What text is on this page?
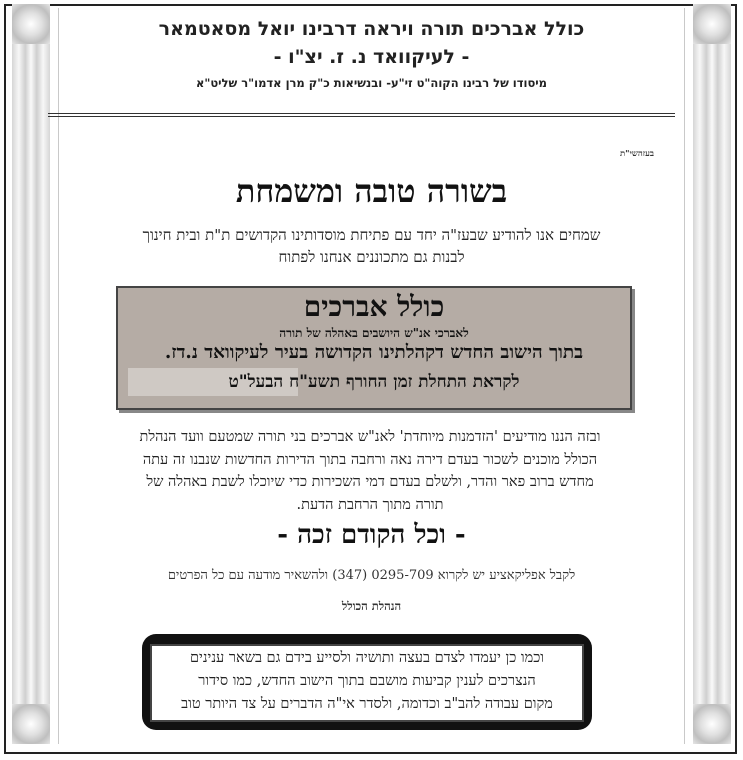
כולל אברכים תורה ויראה דרבינו יואל מסאטמאר
- לעיקוואד נ. ז. יצ"ו -
מיסודו של רבינו הקוה"ט זי"ע- ובנשיאות כ"ק מרן אדמו"ר שליט"א
בעזהשי"ת
בשורה טובה ומשמחת
שמחים אנו להודיע שבעז"ה יחד עם פתיחת מוסדותינו הקדושים ת"ת ובית חינוך
לבנות גם מתכוננים אנחנו לפתוח
כולל אברכים
לאברכי אנ"ש היושבים באהלה של תורה
בתוך הישוב החדש דקהלתינו הקדושה בעיר לעיקוואד נ.דז.
לקראת התחלת זמן החורף תשע"ח הבעל"ט
ובזה הננו מודיעים 'הזדמנות מיוחדת' לאנ"ש אברכים בני תורה שמטעם וועד הנהלת
הכולל מוכנים לשכור בעדם דירה נאה ורחבה בתוך הדירות החדשות שנבנו זה עתה
מחדש ברוב פאר והדר, ולשלם בעדם דמי השכירות כדי שיוכלו לשבת באהלה של
תורה מתוך הרחבת הדעת.
- וכל הקודם זכה -
לקבל אפליקאציע יש לקרוא 0295-709 (347) ולהשאיר מודעה עם כל הפרטים
הנהלת הכולל
וכמו כן יעמדו לצדם בעצה ותושיה ולסייע בידם גם בשאר ענינים
הנצרכים לענין קביעות מושבם בתוך הישוב החדש, כמו סידור
מקום עבודה להב"ב וכדומה, ולסדר אי"ה הדברים על צד היותר טוב
